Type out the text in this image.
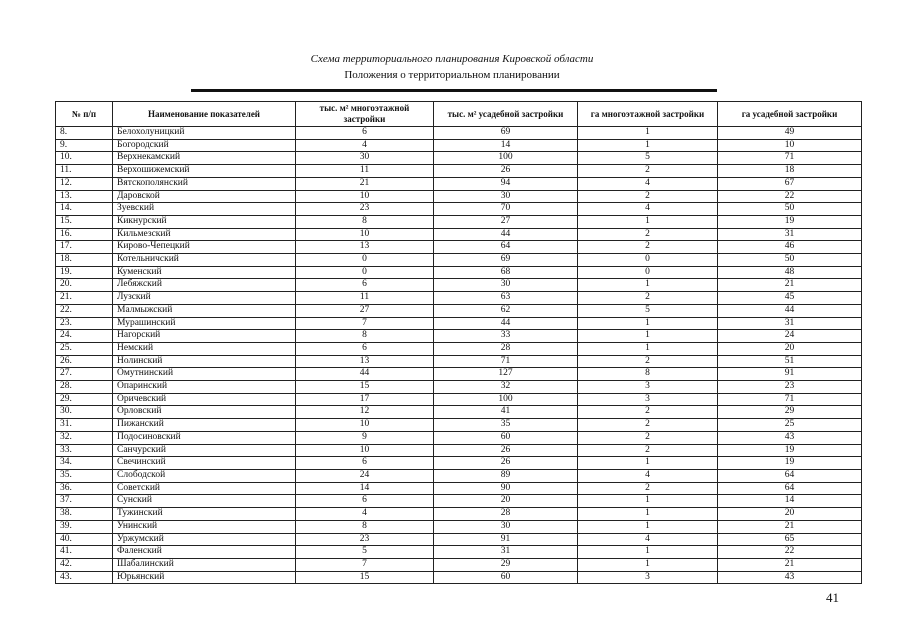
Схема территориального планирования Кировской области
Положения о территориальном планировании
№ п/п	Наименование показателей	тыс. м² многоэтажной застройки	тыс. м² усадебной застройки	га многоэтажной застройки	га усадебной застройки
8.	Белохолуницкий	6	69	1	49
9.	Богородский	4	14	1	10
10.	Верхнекамский	30	100	5	71
11.	Верхошижемский	11	26	2	18
12.	Вятскополянский	21	94	4	67
13.	Даровской	10	30	2	22
14.	Зуевский	23	70	4	50
15.	Кикнурский	8	27	1	19
16.	Кильмезский	10	44	2	31
17.	Кирово-Чепецкий	13	64	2	46
18.	Котельничский	0	69	0	50
19.	Куменский	0	68	0	48
20.	Лебяжский	6	30	1	21
21.	Лузский	11	63	2	45
22.	Малмыжский	27	62	5	44
23.	Мурашинский	7	44	1	31
24.	Нагорский	8	33	1	24
25.	Немский	6	28	1	20
26.	Нолинский	13	71	2	51
27.	Омутнинский	44	127	8	91
28.	Опаринский	15	32	3	23
29.	Оричевский	17	100	3	71
30.	Орловский	12	41	2	29
31.	Пижанский	10	35	2	25
32.	Подосиновский	9	60	2	43
33.	Санчурский	10	26	2	19
34.	Свечинский	6	26	1	19
35.	Слободской	24	89	4	64
36.	Советский	14	90	2	64
37.	Сунский	6	20	1	14
38.	Тужинский	4	28	1	20
39.	Унинский	8	30	1	21
40.	Уржумский	23	91	4	65
41.	Фаленский	5	31	1	22
42.	Шабалинский	7	29	1	21
43.	Юрьянский	15	60	3	43
41
